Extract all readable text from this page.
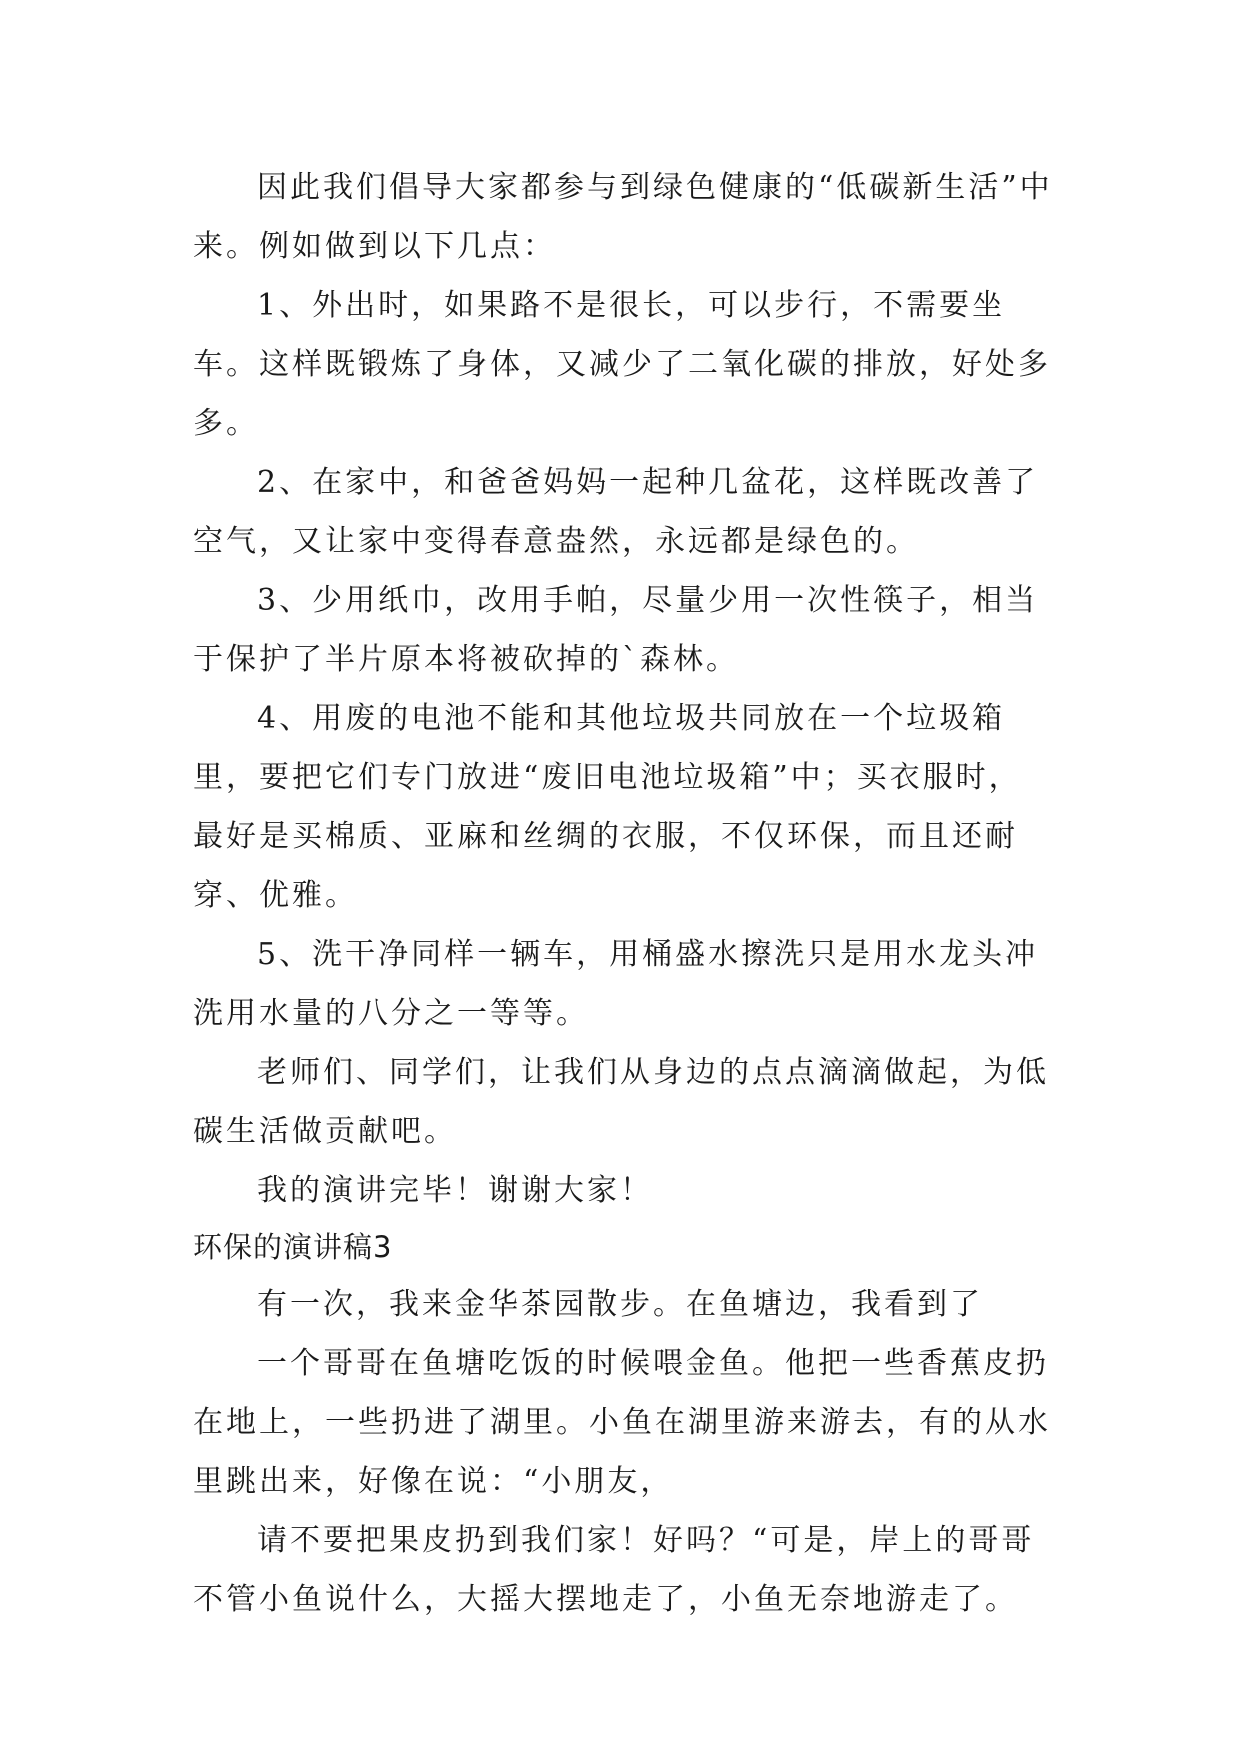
因此我们倡导大家都参与到绿色健康的“低碳新生活”中来。例如做到以下几点：

1、外出时，如果路不是很长，可以步行，不需要坐车。这样既锻炼了身体，又减少了二氧化碳的排放，好处多多。

2、在家中，和爸爸妈妈一起种几盆花，这样既改善了空气，又让家中变得春意盎然，永远都是绿色的。

3、少用纸巾，改用手帕，尽量少用一次性筷子，相当于保护了半片原本将被砍掉的`森林。

4、用废的电池不能和其他垃圾共同放在一个垃圾箱里，要把它们专门放进“废旧电池垃圾箱”中；买衣服时，最好是买棉质、亚麻和丝绸的衣服，不仅环保，而且还耐穿、优雅。

5、洗干净同样一辆车，用桶盛水擦洗只是用水龙头冲洗用水量的八分之一等等。

老师们、同学们，让我们从身边的点点滴滴做起，为低碳生活做贡献吧。

我的演讲完毕！谢谢大家！

环保的演讲稿3

有一次，我来金华茶园散步。在鱼塘边，我看到了

一个哥哥在鱼塘吃饭的时候喂金鱼。他把一些香蕉皮扔在地上，一些扔进了湖里。小鱼在湖里游来游去，有的从水里跳出来，好像在说：“小朋友，

请不要把果皮扔到我们家！好吗？“可是，岸上的哥哥不管小鱼说什么，大摇大摆地走了，小鱼无奈地游走了。
